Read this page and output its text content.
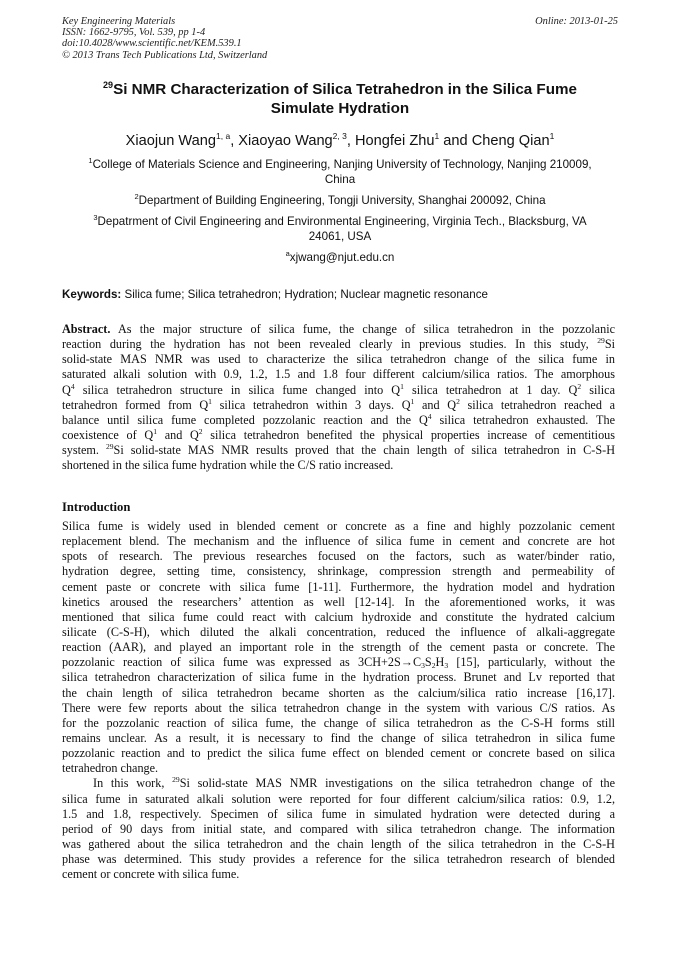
Key Engineering Materials
ISSN: 1662-9795, Vol. 539, pp 1-4
doi:10.4028/www.scientific.net/KEM.539.1
© 2013 Trans Tech Publications Ltd, Switzerland
Online: 2013-01-25
$^{29}$Si NMR Characterization of Silica Tetrahedron in the Silica Fume
Simulate Hydration
Xiaojun Wang$^{1, a}$, Xiaoyao Wang$^{2, 3}$, Hongfei Zhu$^1$ and Cheng Qian$^1$
$^1$College of Materials Science and Engineering, Nanjing University of Technology, Nanjing 210009,
China
$^2$Department of Building Engineering, Tongji University, Shanghai 200092, China
$^3$Depatrment of Civil Engineering and Environmental Engineering, Virginia Tech., Blacksburg, VA
24061, USA
$^a$xjwang@njut.edu.cn
Keywords: Silica fume; Silica tetrahedron; Hydration; Nuclear magnetic resonance
Abstract. As the major structure of silica fume, the change of silica tetrahedron in the pozzolanic
reaction during the hydration has not been revealed clearly in previous studies. In this study, $^{29}$Si
solid-state MAS NMR was used to characterize the silica tetrahedron change of the silica fume in
saturated alkali solution with 0.9, 1.2, 1.5 and 1.8 four different calcium/silica ratios. The amorphous
$Q^4$ silica tetrahedron structure in silica fume changed into $Q^1$ silica tetrahedron at 1 day. $Q^2$ silica
tetrahedron formed from $Q^1$ silica tetrahedron within 3 days. $Q^1$ and $Q^2$ silica tetrahedron reached a
balance until silica fume completed pozzolanic reaction and the $Q^4$ silica tetrahedron exhausted. The
coexistence of $Q^1$ and $Q^2$ silica tetrahedron benefited the physical properties increase of cementitious
system. $^{29}$Si solid-state MAS NMR results proved that the chain length of silica tetrahedron in C-S-H
shortened in the silica fume hydration while the C/S ratio increased.
Introduction
Silica fume is widely used in blended cement or concrete as a fine and highly pozzolanic cement
replacement blend. The mechanism and the influence of silica fume in cement and concrete are hot
spots of research. The previous researches focused on the factors, such as water/binder ratio,
hydration degree, setting time, consistency, shrinkage, compression strength and permeability of
cement paste or concrete with silica fume [1-11]. Furthermore, the hydration model and hydration
kinetics aroused the researchers’ attention as well [12-14]. In the aforementioned works, it was
mentioned that silica fume could react with calcium hydroxide and constitute the hydrated calcium
silicate (C-S-H), which diluted the alkali concentration, reduced the influence of alkali-aggregate
reaction (AAR), and played an important role in the strength of the cement pasta or concrete. The
pozzolanic reaction of silica fume was expressed as $3CH+2S\to C_3S_2H_3$ [15], particularly, without the
silica tetrahedron characterization of silica fume in the hydration process. Brunet and Lv reported that
the chain length of silica tetrahedron became shorten as the calcium/silica ratio increase [16,17].
There were few reports about the silica tetrahedron change in the system with various C/S ratios. As
for the pozzolanic reaction of silica fume, the change of silica tetrahedron as the C-S-H forms still
remains unclear. As a result, it is necessary to find the change of silica tetrahedron in silica fume
pozzolanic reaction and to predict the silica fume effect on blended cement or concrete based on silica
tetrahedron change.
In this work, $^{29}$Si solid-state MAS NMR investigations on the silica tetrahedron change of the
silica fume in saturated alkali solution were reported for four different calcium/silica ratios: 0.9, 1.2,
1.5 and 1.8, respectively. Specimen of silica fume in simulated hydration were detected during a
period of 90 days from initial state, and compared with silica tetrahedron change. The information
was gathered about the silica tetrahedron and the chain length of the silica tetrahedron in the C-S-H
phase was determined. This study provides a reference for the silica tetrahedron research of blended
cement or concrete with silica fume.
